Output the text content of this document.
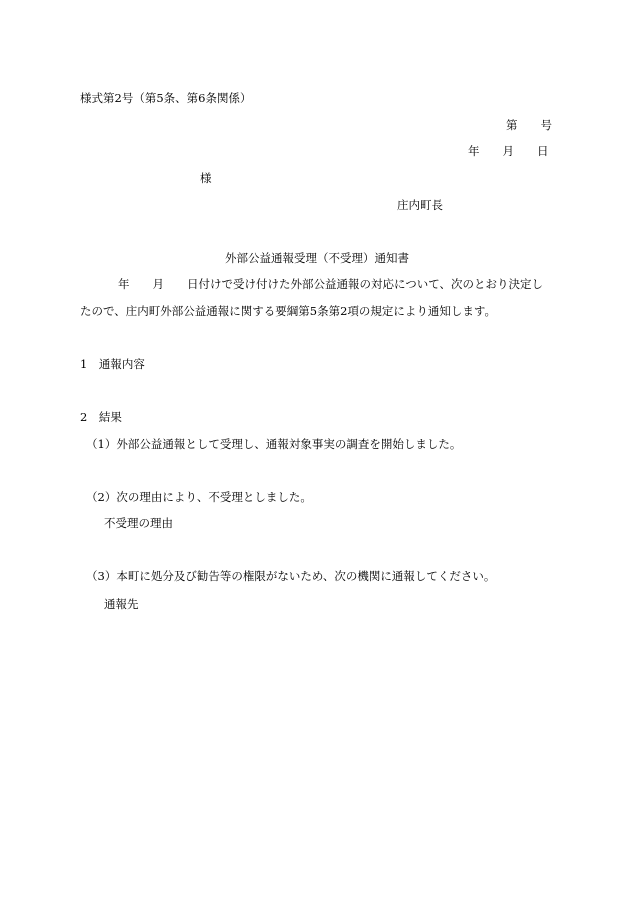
様式第2号（第5条、第6条関係）
第　　号
年　　月　　日
様
庄内町長
外部公益通報受理（不受理）通知書
年　　月　　日付けで受け付けた外部公益通報の対応について、次のとおり決定し
たので、庄内町外部公益通報に関する要綱第5条第2項の規定により通知します。
1　通報内容
2　結果
（1）外部公益通報として受理し、通報対象事実の調査を開始しました。
（2）次の理由により、不受理としました。
不受理の理由
（3）本町に処分及び勧告等の権限がないため、次の機関に通報してください。
通報先
